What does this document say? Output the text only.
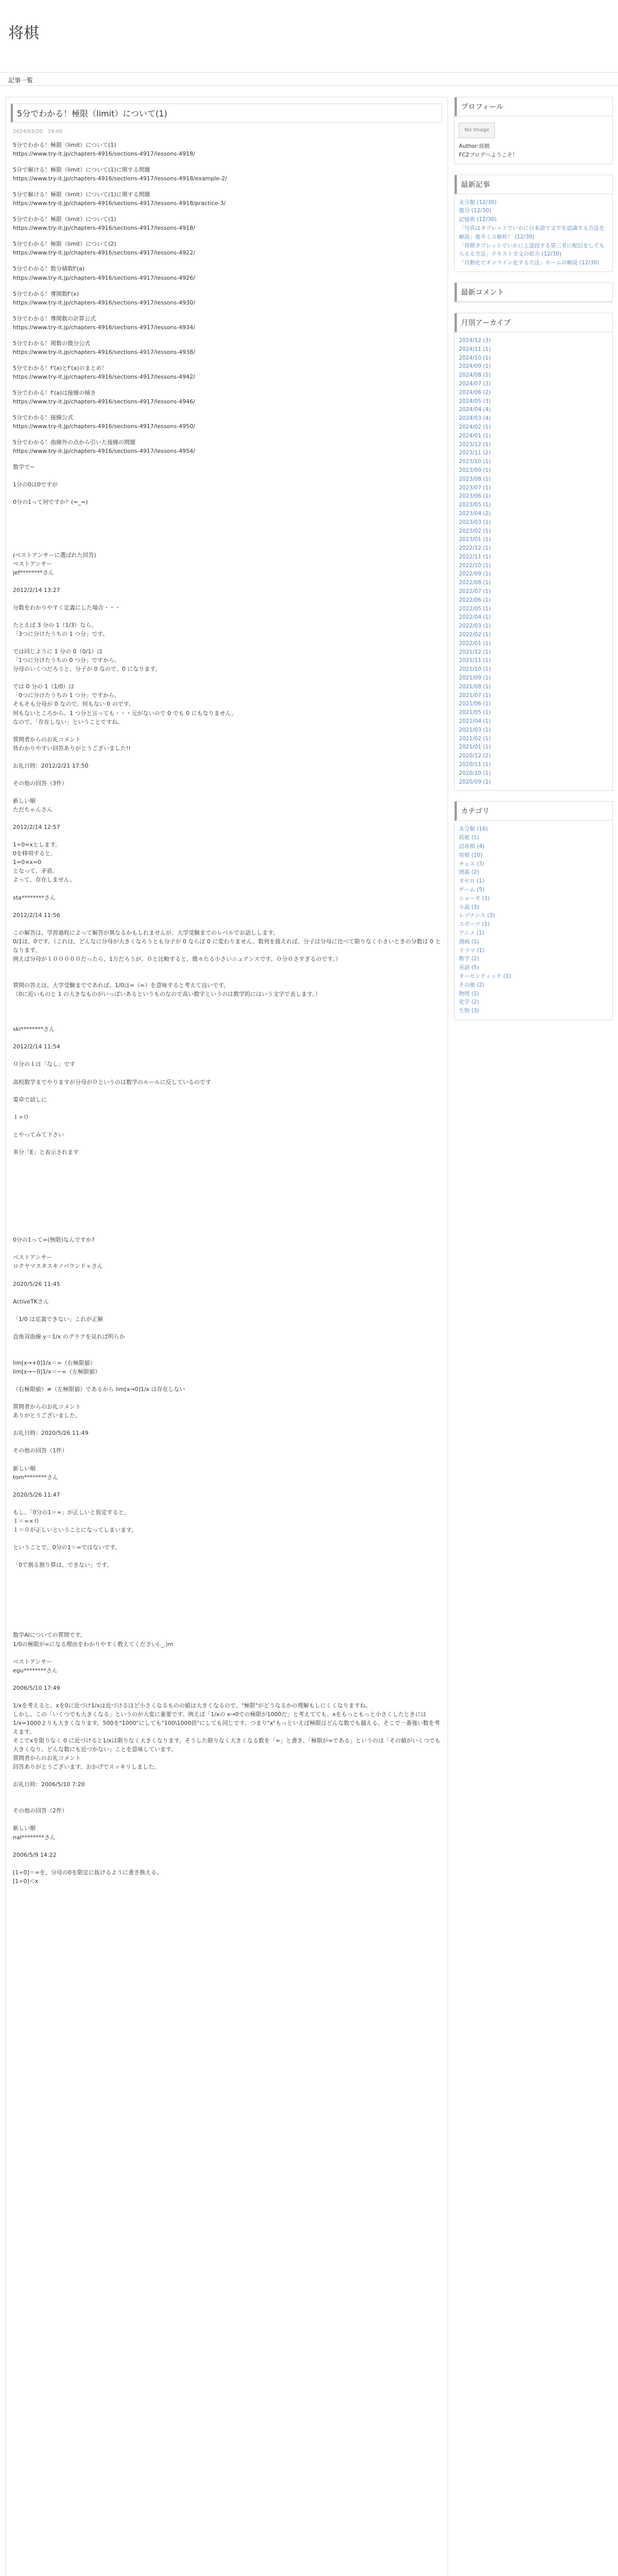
将棋
記事一覧
5分でわかる！極限（limit）について(1)
2024/03/20　19:00
5分でわかる！極限（limit）について(1)
https://www.try-it.jp/chapters-4916/sections-4917/lessons-4918/
5分で解ける！極限（limit）について(1)に関する問題
https://www.try-it.jp/chapters-4916/sections-4917/lessons-4918/example-2/
5分で解ける！極限（limit）について(1)に関する問題
https://www.try-it.jp/chapters-4916/sections-4917/lessons-4918/practice-3/
5分でわかる！極限（limit）について(1)
https://www.try-it.jp/chapters-4916/sections-4917/lessons-4918/
5分でわかる！極限（limit）について(2)
https://www.try-it.jp/chapters-4916/sections-4917/lessons-4922/
5分でわかる！数分積数f'(a)
https://www.try-it.jp/chapters-4916/sections-4917/lessons-4926/
5分でわかる！導関数f'(x)
https://www.try-it.jp/chapters-4916/sections-4917/lessons-4930/
5分でわかる！導関数の計算公式
https://www.try-it.jp/chapters-4916/sections-4917/lessons-4934/
5分でわかる！関数の微分公式
https://www.try-it.jp/chapters-4916/sections-4917/lessons-4938/
5分でわかる！f'(a)とf'(a)のまとめ！
https://www.try-it.jp/chapters-4916/sections-4917/lessons-4942/
5分でわかる！f'(a)は接線の傾き
https://www.try-it.jp/chapters-4916/sections-4917/lessons-4946/
5分でわかる！接線公式
https://www.try-it.jp/chapters-4916/sections-4917/lessons-4950/
5分でわかる！曲線外の点から引いた接線の問題
https://www.try-it.jp/chapters-4916/sections-4917/lessons-4954/
数学で−

1分の0は0ですが

0分の1って何ですか？(=_=)

(ベストアンサーに選ばれた回答)
ベストアンサー
jef********さん

2012/2/14 13:27

分数をわかりやすく定義にした場合・・・

たとえば 3 分の 1（1/3）なら、
「3つに分けたうちの 1 つ分」です。

では同じように 1 分の 0（0/1）は
「1つに分けたうちの 0 つ分」ですから、
分母のいくつだろうと、分子が 0 なので、0 になります。

では 0 分の 1（1/0）は
「0つに分けたうちの 1 つ分」ですから、
そもそも分母が 0 なので、何もない 0 のです。
何もないところから、1 つ分と言っても・・・元がないので 0 でも 0 にもなりません。
なので、「存在しない」ということですね。

質問者からのお礼コメント
皆わかりやすい回答ありがとうございました!!

お礼日時：2012/2/21 17:50

その他の回答（3件）

新しい順
ただちゃんさん

2012/2/14 12:57

1÷0=xとします。
0を移項すると、
1=0×x=0
となって、矛盾。
よって、存在しません。

sta********さん

2012/2/14 11:56

この解答は、学習過程によって解答が異なるかもしれませんが、大学受験までのレベルでお話しします。
0/1は、0です。（これは、どんなに分母が大きくなろうとも分子が 0 ならば 0 に変わりません。数列を扱えれば、分子は分母に比べて限りなく小さいときの分数は 0 となります。
例えば分母が１０００００だったら、1万だろうが、０と比較すると、微々たる小さいニュアンスです。０分０さすぎるのです。）

質問の答えは、大学受験までであれば、1/0は∞（∞）を意味すると考えて良いです。
（0に近いものと 1 の大きなものがいっぱいあるというものなので高い数字というのは数学的にはいう文字で表します。）

ski********さん

2012/2/14 11:54

０分の１は「なし」です

高校数学までやりますが分母が０というのは数学のルールに反しているのです

電卓で試しに

１÷０

とやってみて下さい

多分「E」と表示されます

0分の1って∞(無限)なんですか?

ベストアンサー
ロクヤマスタスキノバウンドャさん

2020/5/26 11:45

ActiveTKさん

「1/0 は定義できない」これが正解

直角双曲線 y＝1/x のグラフを見れば明らか

lim[x→+0]1/x＝∞（右極限値）
lim[x→−0]1/x＝−∞（左極限値）

（右極限値）≠（左極限値）であるから lim[x→0]1/x は存在しない

質問者からのお礼コメント
ありがとうございました。

お礼日時：2020/5/26 11:49

その他の回答（1件）

新しい順
tom********さん

2020/5/26 11:47

もし、「0分の1＝∞」が正しいと仮定すると、
１＝∞×０
１＝０が正しいということになってしまいます。

ということで、0分の1＝∞ではないです。

「0で割る割り算は、できない」です。

数学AIについての質問です。
1/0の極限が∞になる理由をわかりやすく教えてください(._.)m

ベストアンサー
egu********さん

2006/5/10 17:49

1/xを考えると、xを0に近づけ1/xは近づけるほど小さくなるものの値は大きくなるので、"極限"がどうなるかの理解もしにくくなりますね。
しかし、この「いくつでも大きくなる」というのが大変に重要です。例えば「1/xの x→0での極限が1000だ」と考えてても、xをもっともっと小さくしたときには1/x=1000よりも大きくなります。500を"1000"にしても"100\1000倍"にしても同じです。つまり"x"もっといえば極限はどんな数でも越える。そこで一番強い数を考えます。
そこでxを限りなく 0 に近づけると1/xは限りなく大きくなります。そうした限りなく大きくなる数を「∞」と書き、「極限が∞である」というのは「その値がいくつでも大きくなり、どんな数にも近づかない」ことを意味しています。
質問者からのお礼コメント
回答ありがとうございます。おかげでスッキリしました。

お礼日時：2006/5/10 7:20

その他の回答（2件）

新しい順
nal********さん

2006/5/9 14:22

[1÷0]＝∞を、分母の0を限定に抜けるように書き換える。
[1÷0]＜x
プロフィール
No Image
Author:将棋
FC2ブログへようこそ！
最新記事
未分類 (12/30)
微分 (12/30)
記憶術 (12/30)
「写真はタブレットでいかに日本語で文字を認識する方法を解説」後半ミス解析！ (12/30)
「将棋タブレットでいかに上達段する第三者に配信をしてもらえる方法」テキスト全文の紹介 (12/30)
「自動化でオンライン化する方法」ホームの解説 (12/30)
最新コメント
月別アーカイブ
2024/12 (3)
2024/11 (1)
2024/10 (1)
2024/09 (1)
2024/08 (1)
2024/07 (3)
2024/06 (2)
2024/05 (3)
2024/04 (4)
2024/03 (4)
2024/02 (1)
2024/01 (1)
2023/12 (1)
2023/11 (2)
2023/10 (1)
2023/09 (1)
2023/08 (1)
2023/07 (1)
2023/06 (1)
2023/05 (1)
2023/04 (2)
2023/03 (1)
2023/02 (1)
2023/01 (1)
2022/12 (1)
2022/11 (1)
2022/10 (1)
2022/09 (1)
2022/08 (1)
2022/07 (1)
2022/06 (1)
2022/05 (1)
2022/04 (1)
2022/03 (1)
2022/02 (1)
2022/01 (1)
2021/12 (1)
2021/11 (1)
2021/10 (1)
2021/09 (1)
2021/08 (1)
2021/07 (1)
2021/06 (1)
2021/05 (1)
2021/04 (1)
2021/03 (1)
2021/02 (1)
2021/01 (1)
2020/12 (2)
2020/11 (1)
2020/10 (1)
2020/09 (1)
カテゴリ
未分類 (16)
将棋 (1)
詰将棋 (4)
将棋 (10)
チェス (3)
囲碁 (2)
オセロ (1)
ゲーム (5)
ショーギ (1)
小説 (3)
レゾナンス (3)
スポーツ (1)
アニメ (1)
漫画 (1)
ドラマ (1)
数学 (2)
英語 (5)
オーセンティック (1)
その他 (2)
物理 (1)
化学 (2)
生物 (3)
